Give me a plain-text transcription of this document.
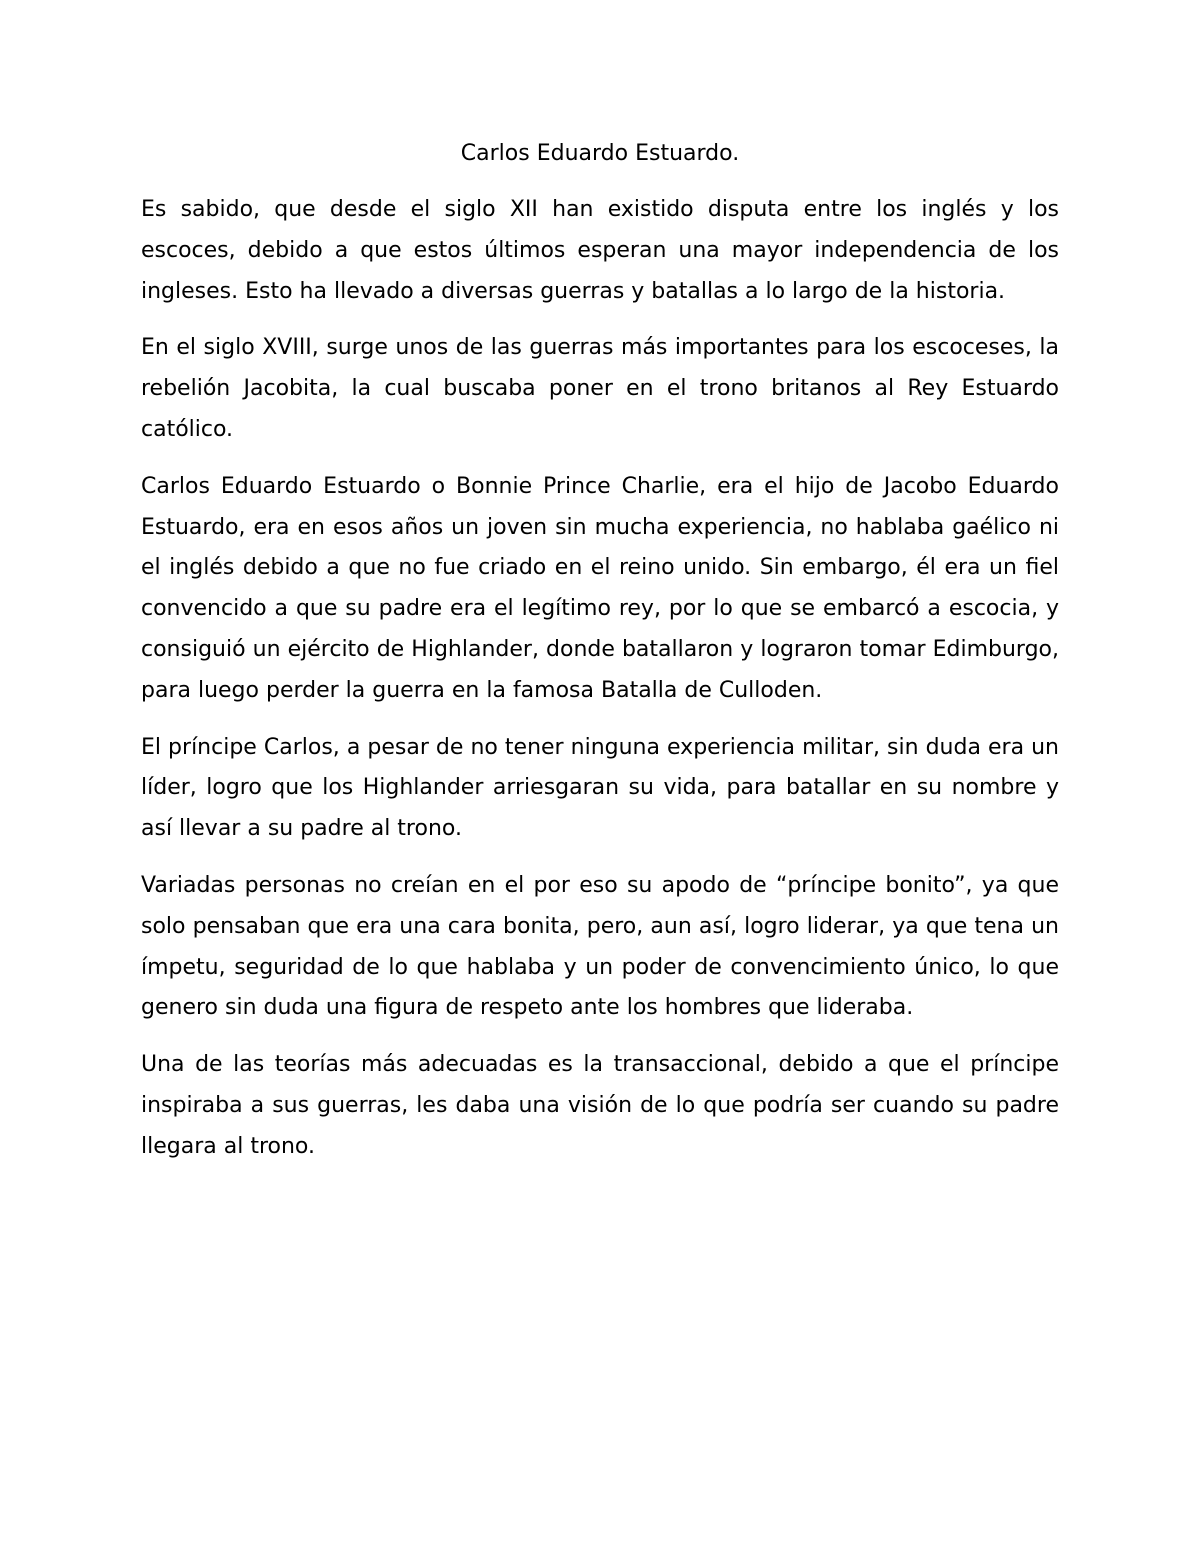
Carlos Eduardo Estuardo.

Es sabido, que desde el siglo XII han existido disputa entre los inglés y los escoces, debido a que estos últimos esperan una mayor independencia de los ingleses. Esto ha llevado a diversas guerras y batallas a lo largo de la historia.

En el siglo XVIII, surge unos de las guerras más importantes para los escoceses, la rebelión Jacobita, la cual buscaba poner en el trono britanos al Rey Estuardo católico.

Carlos Eduardo Estuardo o Bonnie Prince Charlie, era el hijo de Jacobo Eduardo Estuardo, era en esos años un joven sin mucha experiencia, no hablaba gaélico ni el inglés debido a que no fue criado en el reino unido. Sin embargo, él era un fiel convencido a que su padre era el legítimo rey, por lo que se embarcó a escocia, y consiguió un ejército de Highlander, donde batallaron y lograron tomar Edimburgo, para luego perder la guerra en la famosa Batalla de Culloden.

El príncipe Carlos, a pesar de no tener ninguna experiencia militar, sin duda era un líder, logro que los Highlander arriesgaran su vida, para batallar en su nombre y así llevar a su padre al trono.

Variadas personas no creían en el por eso su apodo de “príncipe bonito”, ya que solo pensaban que era una cara bonita, pero, aun así, logro liderar, ya que tena un ímpetu, seguridad de lo que hablaba y un poder de convencimiento único, lo que genero sin duda una figura de respeto ante los hombres que lideraba.

Una de las teorías más adecuadas es la transaccional, debido a que el príncipe inspiraba a sus guerras, les daba una visión de lo que podría ser cuando su padre llegara al trono.
